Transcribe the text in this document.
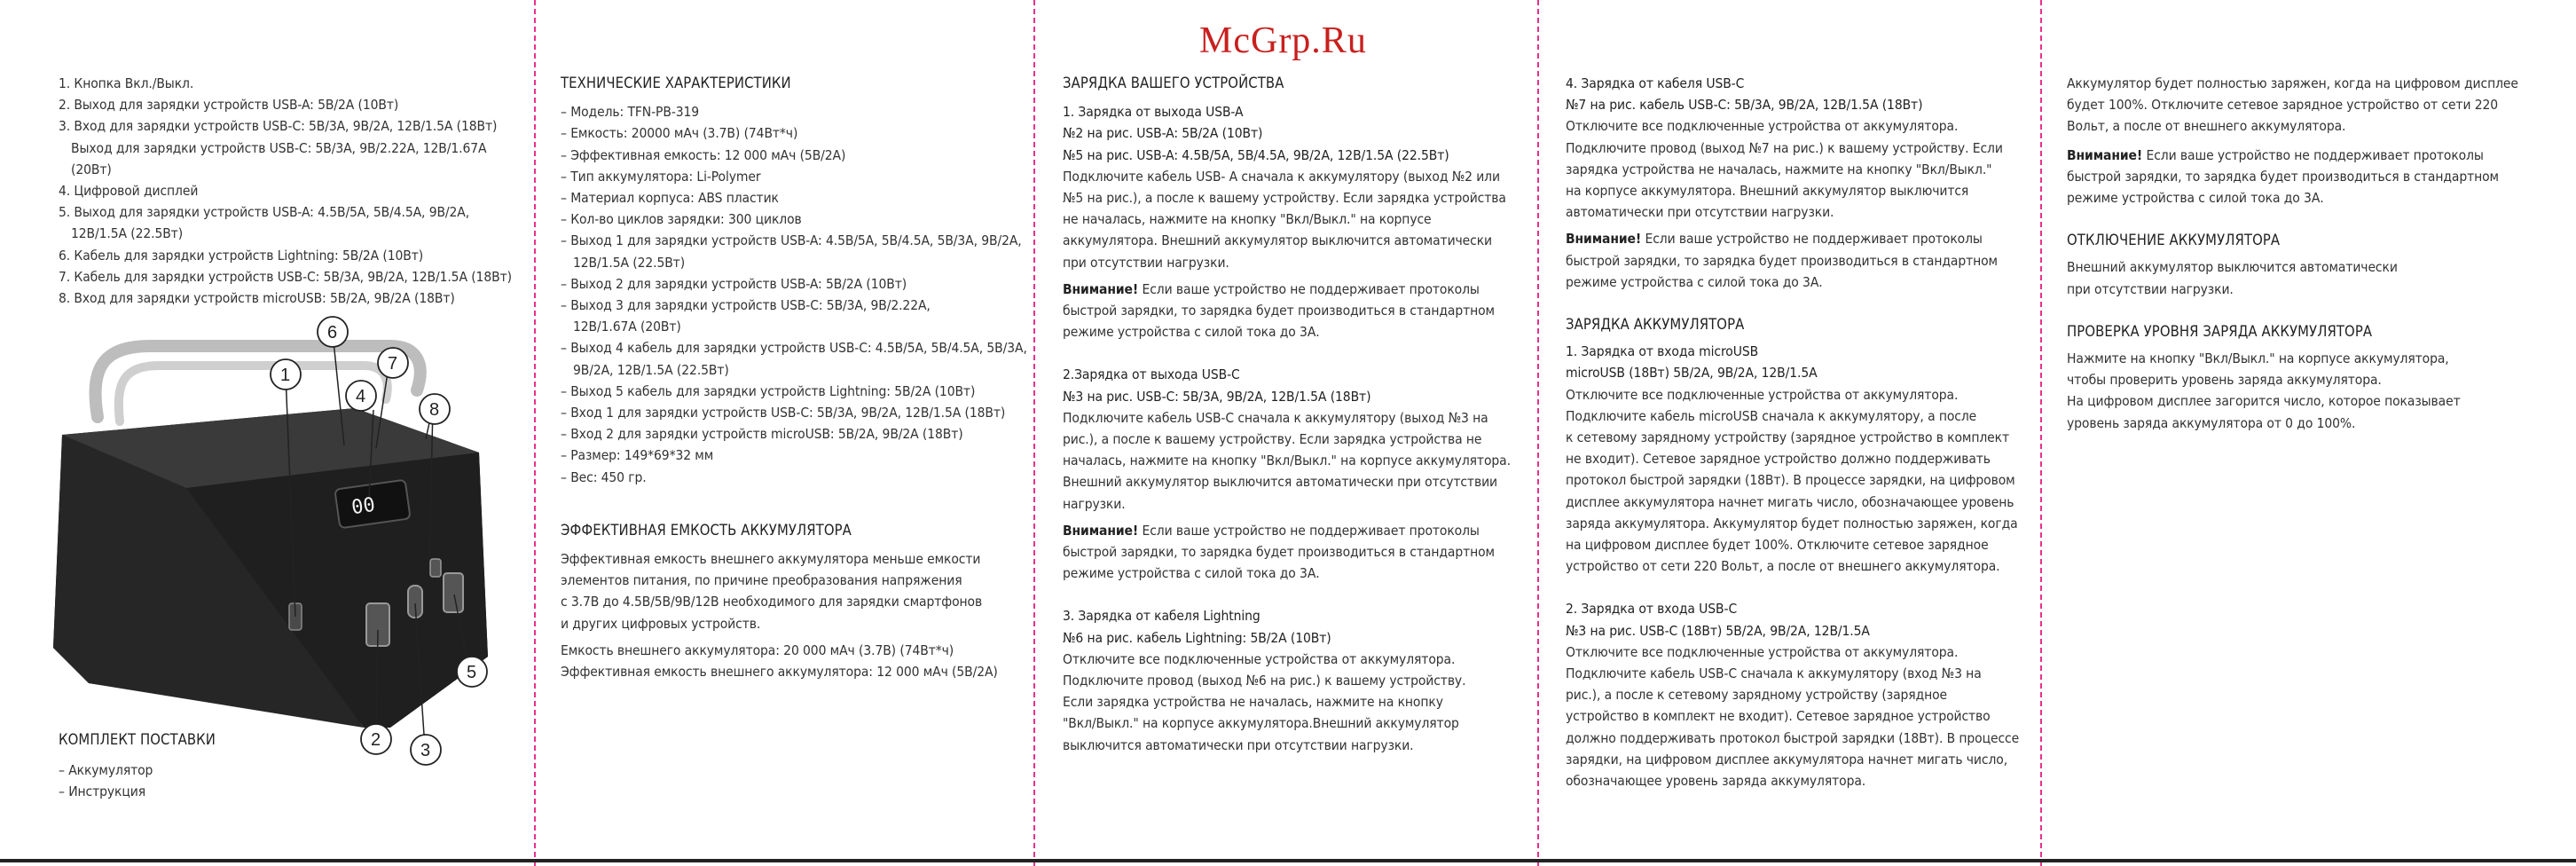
McGrp.Ru
1. Кнопка Вкл./Выкл.
2. Выход для зарядки устройств USB-A: 5В/2А (10Вт)
3. Вход для зарядки устройств USB-C: 5В/3А, 9В/2А, 12В/1.5А (18Вт)
Выход для зарядки устройств USB-C: 5В/3А, 9В/2.22А, 12В/1.67А (20Вт)
4. Цифровой дисплей
5. Выход для зарядки устройств USB-A: 4.5В/5А, 5В/4.5А, 9В/2А,
12В/1.5А (22.5Вт)
6. Кабель для зарядки устройств Lightning: 5В/2А (10Вт)
7. Кабель для зарядки устройств USB-C: 5В/3А, 9В/2А, 12В/1.5А (18Вт)
8. Вход для зарядки устройств microUSB: 5В/2А, 9В/2А (18Вт)
00
1
6
7
4
8
2
3
5

КОМПЛЕКТ ПОСТАВКИ

– Аккумулятор

– Инструкция

ТЕХНИЧЕСКИЕ ХАРАКТЕРИСТИКИ

– Модель: TFN-PB-319

– Емкость: 20000 мАч (3.7В) (74Вт*ч)

– Эффективная емкость: 12 000 мАч (5В/2А)

– Тип аккумулятора: Li-Polymer

– Материал корпуса: ABS пластик

– Кол-во циклов зарядки: 300 циклов

– Выход 1 для зарядки устройств USB-A: 4.5В/5А, 5В/4.5А, 5В/3А, 9В/2А,

12В/1.5А (22.5Вт)

– Выход 2 для зарядки устройств USB-A: 5В/2А (10Вт)

– Выход 3 для зарядки устройств USB-C: 5В/3А, 9В/2.22А,

12В/1.67А (20Вт)

– Выход 4 кабель для зарядки устройств USB-C: 4.5В/5А, 5В/4.5А, 5В/3А,

9В/2А, 12В/1.5А (22.5Вт)

– Выход 5 кабель для зарядки устройств Lightning: 5В/2А (10Вт)

– Вход 1 для зарядки устройств USB-C: 5В/3А, 9В/2А, 12В/1.5А (18Вт)

– Вход 2 для зарядки устройств microUSB: 5В/2А, 9В/2А (18Вт)

– Размер: 149*69*32 мм

– Вес: 450 гр.

ЭФФЕКТИВНАЯ ЕМКОСТЬ АККУМУЛЯТОРА

Эффективная емкость внешнего аккумулятора меньше емкости

элементов питания, по причине преобразования напряжения

с 3.7В до 4.5В/5В/9В/12В необходимого для зарядки смартфонов

и других цифровых устройств.

Емкость внешнего аккумулятора: 20 000 мАч (3.7В) (74Вт*ч)

Эффективная емкость внешнего аккумулятора: 12 000 мАч (5В/2А)

ЗАРЯДКА ВАШЕГО УСТРОЙСТВА

1. Зарядка от выхода USB-A

№2 на рис. USB-A: 5В/2А (10Вт)

№5 на рис. USB-A: 4.5В/5А, 5В/4.5А, 9В/2А, 12В/1.5А (22.5Вт)

Подключите кабель USB- A сначала к аккумулятору (выход №2 или

№5 на рис.), а после к вашему устройству. Если зарядка устройства

не началась, нажмите на кнопку "Вкл/Выкл." на корпусе

аккумулятора. Внешний аккумулятор выключится автоматически

при отсутствии нагрузки.

Внимание! Если ваше устройство не поддерживает протоколы

быстрой зарядки, то зарядка будет производиться в стандартном

режиме устройства с силой тока до 3А.

2.Зарядка от выхода USB-C

№3 на рис. USB-C: 5В/3А, 9В/2А, 12В/1.5А (18Вт)

Подключите кабель USB-C сначала к аккумулятору (выход №3 на

рис.), а после к вашему устройству. Если зарядка устройства не

началась, нажмите на кнопку "Вкл/Выкл." на корпусе аккумулятора.

Внешний аккумулятор выключится автоматически при отсутствии

нагрузки.

Внимание! Если ваше устройство не поддерживает протоколы

быстрой зарядки, то зарядка будет производиться в стандартном

режиме устройства с силой тока до 3А.

3. Зарядка от кабеля Lightning

№6 на рис. кабель Lightning: 5В/2А (10Вт)

Отключите все подключенные устройства от аккумулятора.

Подключите провод (выход №6 на рис.) к вашему устройству.

Если зарядка устройства не началась, нажмите на кнопку

"Вкл/Выкл." на корпусе аккумулятора.Внешний аккумулятор

выключится автоматически при отсутствии нагрузки.

4. Зарядка от кабеля USB-C

№7 на рис. кабель USB-C: 5В/3А, 9В/2А, 12В/1.5А (18Вт)

Отключите все подключенные устройства от аккумулятора.

Подключите провод (выход №7 на рис.) к вашему устройству. Если

зарядка устройства не началась, нажмите на кнопку "Вкл/Выкл."

на корпусе аккумулятора. Внешний аккумулятор выключится

автоматически при отсутствии нагрузки.

Внимание! Если ваше устройство не поддерживает протоколы

быстрой зарядки, то зарядка будет производиться в стандартном

режиме устройства с силой тока до 3А.

ЗАРЯДКА АККУМУЛЯТОРА

1. Зарядка от входа microUSB

microUSB (18Вт) 5В/2А, 9В/2А, 12В/1.5А

Отключите все подключенные устройства от аккумулятора.

Подключите кабель microUSB сначала к аккумулятору, а после

к сетевому зарядному устройству (зарядное устройство в комплект

не входит). Сетевое зарядное устройство должно поддерживать

протокол быстрой зарядки (18Вт). В процессе зарядки, на цифровом

дисплее аккумулятора начнет мигать число, обозначающее уровень

заряда аккумулятора. Аккумулятор будет полностью заряжен, когда

на цифровом дисплее будет 100%. Отключите сетевое зарядное

устройство от сети 220 Вольт, а после от внешнего аккумулятора.

2. Зарядка от входа USB-C

№3 на рис. USB-C (18Вт) 5В/2А, 9В/2А, 12В/1.5А

Отключите все подключенные устройства от аккумулятора.

Подключите кабель USB-C сначала к аккумулятору (вход №3 на

рис.), а после к сетевому зарядному устройству (зарядное

устройство в комплект не входит). Сетевое зарядное устройство

должно поддерживать протокол быстрой зарядки (18Вт). В процессе

зарядки, на цифровом дисплее аккумулятора начнет мигать число,

обозначающее уровень заряда аккумулятора.

Аккумулятор будет полностью заряжен, когда на цифровом дисплее

будет 100%. Отключите сетевое зарядное устройство от сети 220

Вольт, а после от внешнего аккумулятора.

Внимание! Если ваше устройство не поддерживает протоколы

быстрой зарядки, то зарядка будет производиться в стандартном

режиме устройства с силой тока до 3А.

ОТКЛЮЧЕНИЕ АККУМУЛЯТОРА

Внешний аккумулятор выключится автоматически

при отсутствии нагрузки.

ПРОВЕРКА УРОВНЯ ЗАРЯДА АККУМУЛЯТОРА

Нажмите на кнопку "Вкл/Выкл." на корпусе аккумулятора,

чтобы проверить уровень заряда аккумулятора.

На цифровом дисплее загорится число, которое показывает

уровень заряда аккумулятора от 0 до 100%.
